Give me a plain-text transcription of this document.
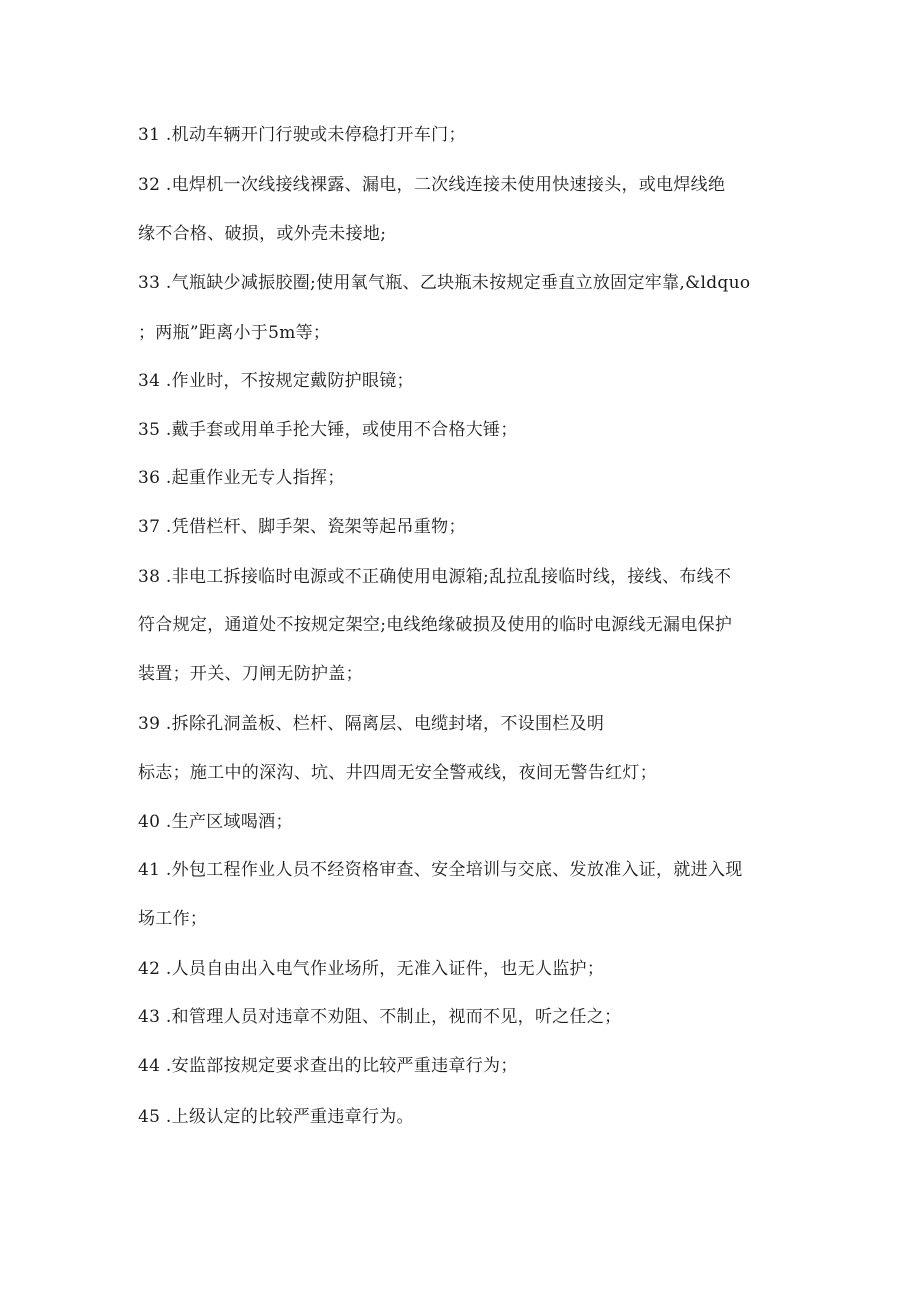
31 .机动车辆开门行驶或未停稳打开车门；
32 .电焊机一次线接线裸露、漏电，二次线连接未使用快速接头，或电焊线绝
缘不合格、破损，或外壳未接地;
33 .气瓶缺少减振胶圈;使用氧气瓶、乙块瓶未按规定垂直立放固定牢靠,&ldquo
；两瓶”距离小于5m等；
34 .作业时，不按规定戴防护眼镜；
35 .戴手套或用单手抡大锤，或使用不合格大锤；
36 .起重作业无专人指挥；
37 .凭借栏杆、脚手架、瓷架等起吊重物；
38 .非电工拆接临时电源或不正确使用电源箱;乱拉乱接临时线，接线、布线不
符合规定，通道处不按规定架空;电线绝缘破损及使用的临时电源线无漏电保护
装置；开关、刀闸无防护盖；
39 .拆除孔洞盖板、栏杆、隔离层、电缆封堵，不设围栏及明
标志；施工中的深沟、坑、井四周无安全警戒线，夜间无警告红灯；
40 .生产区域喝酒；
41 .外包工程作业人员不经资格审查、安全培训与交底、发放准入证，就进入现
场工作；
42 .人员自由出入电气作业场所，无准入证件，也无人监护；
43 .和管理人员对违章不劝阻、不制止，视而不见，听之任之；
44 .安监部按规定要求查出的比较严重违章行为；
45 .上级认定的比较严重违章行为。
